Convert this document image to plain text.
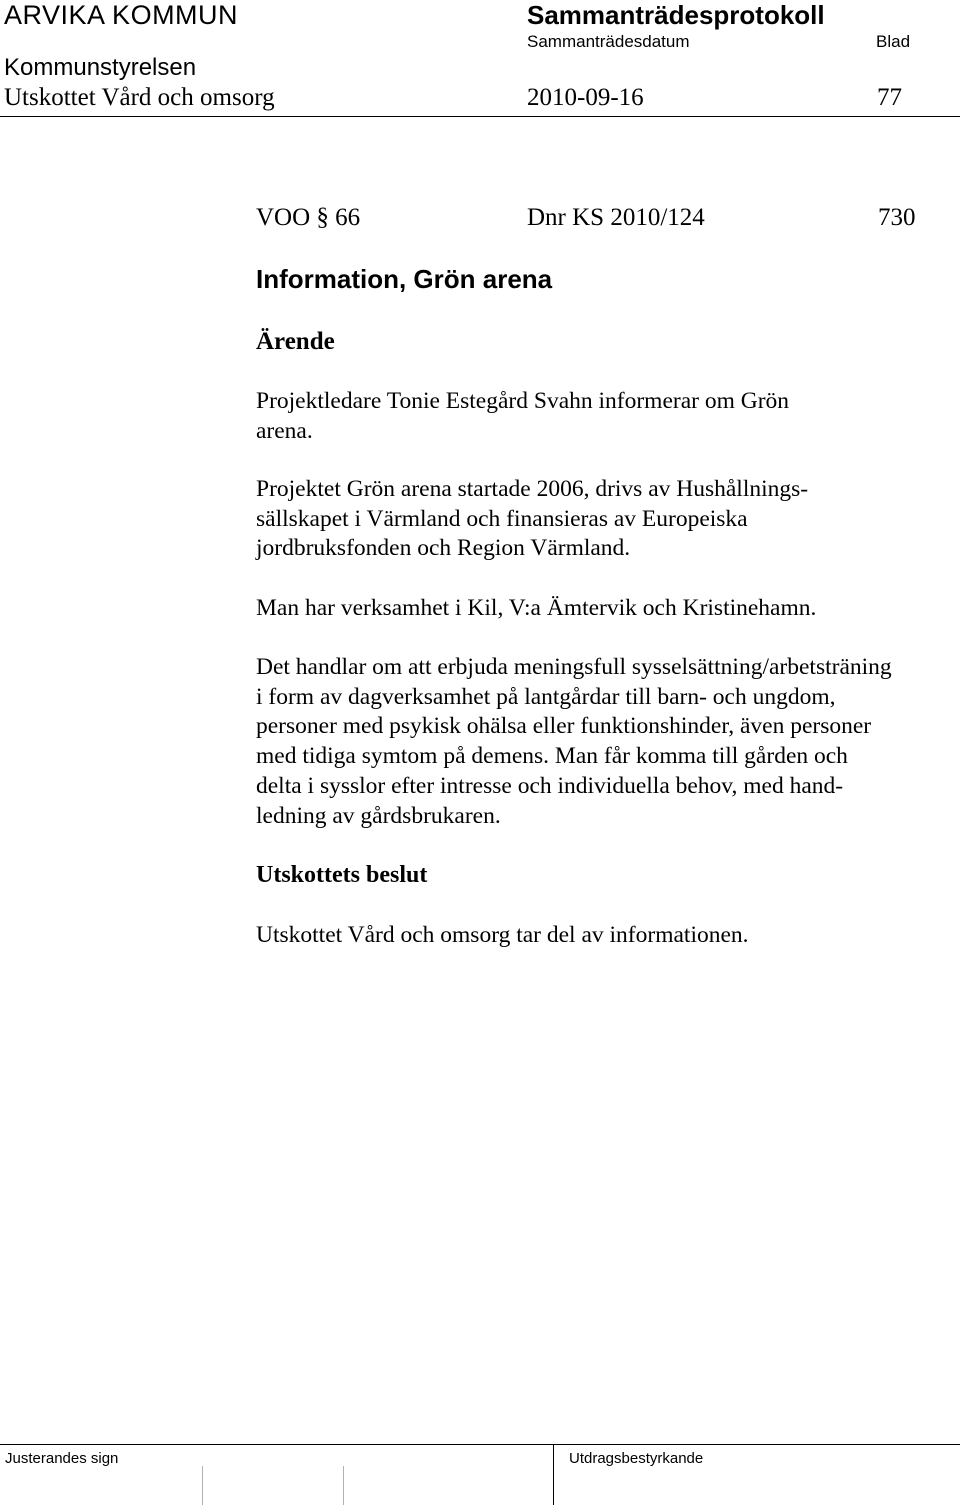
ARVIKA KOMMUN	Sammanträdesprotokoll
Sammanträdesdatum	Blad
Kommunstyrelsen
Utskottet Vård och omsorg	2010-09-16	77
VOO § 66	Dnr KS 2010/124	730
Information, Grön arena
Ärende
Projektledare Tonie Estegård Svahn informerar om Grön
arena.
Projektet Grön arena startade 2006, drivs av Hushållnings-
sällskapet i Värmland och finansieras av Europeiska
jordbruksfonden och Region Värmland.
Man har verksamhet i Kil, V:a Ämtervik och Kristinehamn.
Det handlar om att erbjuda meningsfull sysselsättning/arbetsträning
i form av dagverksamhet på lantgårdar till barn- och ungdom,
personer med psykisk ohälsa eller funktionshinder, även personer
med tidiga symtom på demens. Man får komma till gården och
delta i sysslor efter intresse och individuella behov, med hand-
ledning av gårdsbrukaren.
Utskottets beslut
Utskottet Vård och omsorg tar del av informationen.
Justerandes sign	Utdragsbestyrkande
